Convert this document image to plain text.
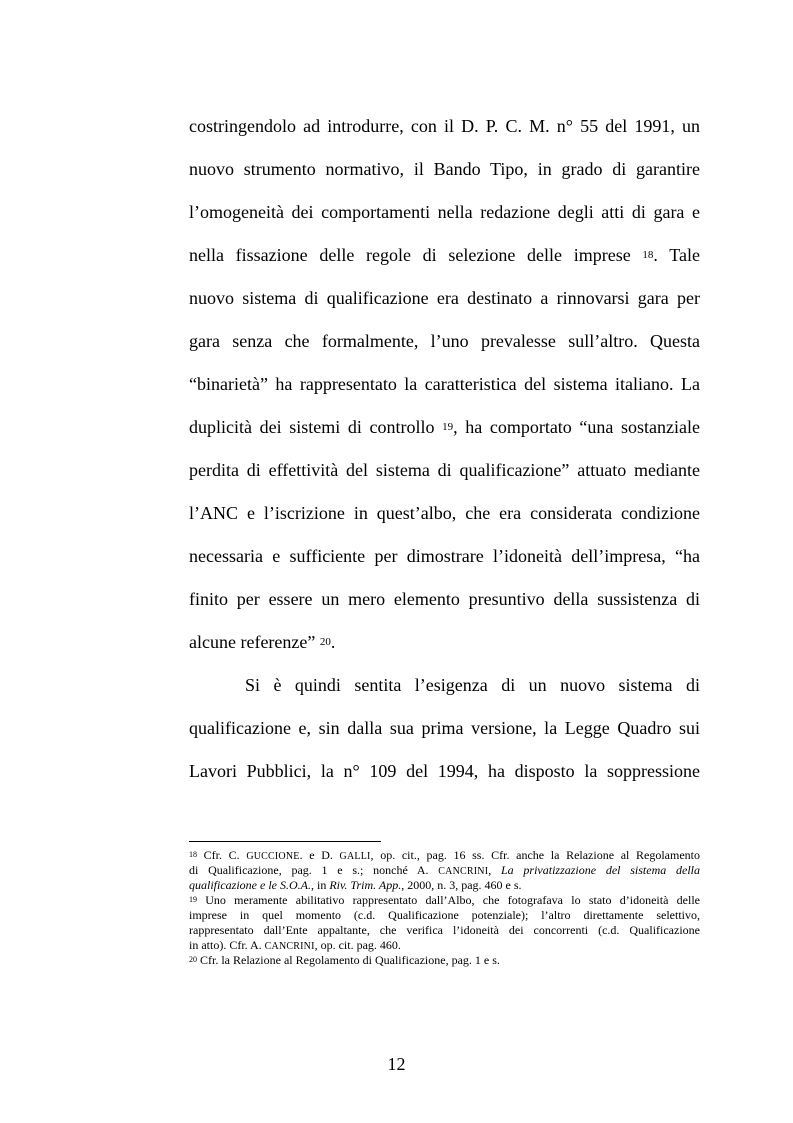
costringendolo ad introdurre, con il D. P. C. M. n° 55 del 1991, un
nuovo strumento normativo, il Bando Tipo, in grado di garantire
l’omogeneità dei comportamenti nella redazione degli atti di gara e
nella fissazione delle regole di selezione delle imprese $^{18}$. Tale
nuovo sistema di qualificazione era destinato a rinnovarsi gara per
gara senza che formalmente, l’uno prevalesse sull’altro. Questa
“binarietà” ha rappresentato la caratteristica del sistema italiano. La
duplicità dei sistemi di controllo $^{19}$, ha comportato “una sostanziale
perdita di effettività del sistema di qualificazione” attuato mediante
l’ANC e l’iscrizione in quest’albo, che era considerata condizione
necessaria e sufficiente per dimostrare l’idoneità dell’impresa, “ha
finito per essere un mero elemento presuntivo della sussistenza di
alcune referenze” $^{20}$.
Si è quindi sentita l’esigenza di un nuovo sistema di
qualificazione e, sin dalla sua prima versione, la Legge Quadro sui
Lavori Pubblici, la n° 109 del 1994, ha disposto la soppressione
$^{18}$ Cfr. C. GUCCIONE. e D. GALLI, op. cit., pag. 16 ss. Cfr. anche la Relazione al Regolamento
di Qualificazione, pag. 1 e s.; nonché A. CANCRINI, La privatizzazione del sistema della
qualificazione e le S.O.A., in Riv. Trim. App., 2000, n. 3, pag. 460 e s.
$^{19}$ Uno meramente abilitativo rappresentato dall’Albo, che fotografava lo stato d’idoneità delle
imprese in quel momento (c.d. Qualificazione potenziale); l’altro direttamente selettivo,
rappresentato dall’Ente appaltante, che verifica l’idoneità dei concorrenti (c.d. Qualificazione
in atto). Cfr. A. CANCRINI, op. cit. pag. 460.
$^{20}$ Cfr. la Relazione al Regolamento di Qualificazione, pag. 1 e s.
12
